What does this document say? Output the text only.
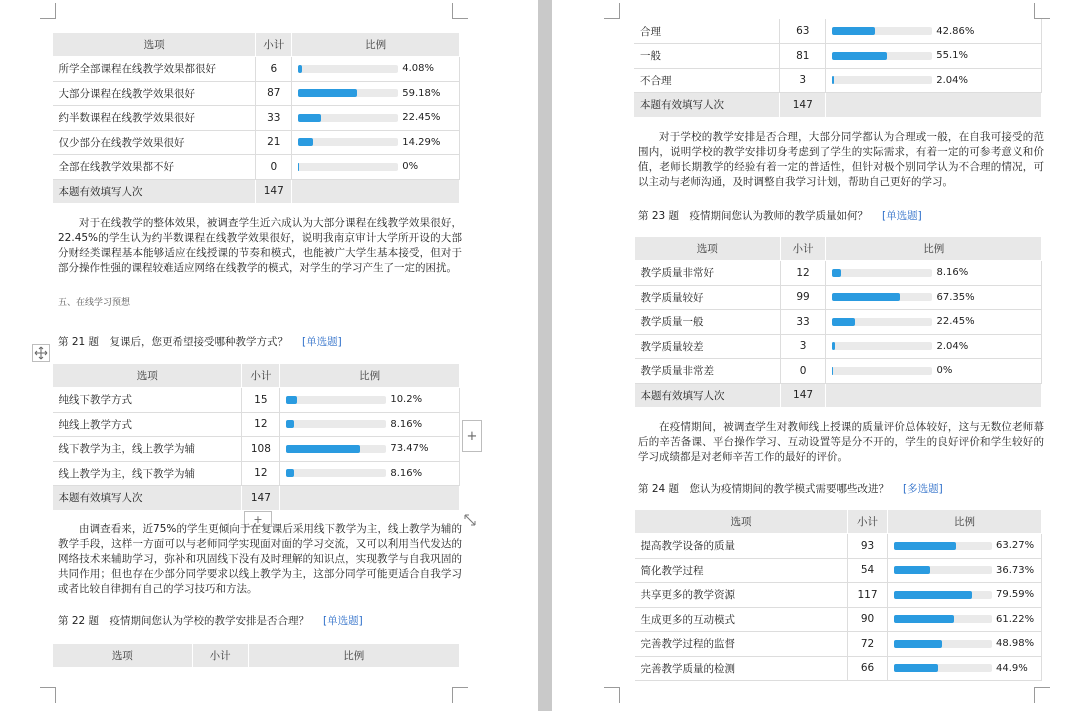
选项	小计	比例
所学全部课程在线教学效果都很好	6	4.08%

大部分课程在线教学效果很好	87	59.18%

约半数课程在线教学效果很好	33	22.45%

仅少部分在线教学效果很好	21	14.29%

全部在线教学效果都不好	0	0%

本题有效填写人次	147	
对于在线教学的整体效果，被调查学生近六成认为大部分课程在线教学效果很好，22.45%的学生认为约半数课程在线教学效果很好，说明我南京审计大学所开设的大部分财经类课程基本能够适应在线授课的节奏和模式，也能被广大学生基本接受，但对于部分操作性强的课程较难适应网络在线教学的模式，对学生的学习产生了一定的困扰。
五、在线学习预想
第 21 题　复课后，您更希望接受哪种教学方式？ [单选题]
选项	小计	比例
纯线下教学方式	15	10.2%

纯线上教学方式	12	8.16%

线下教学为主，线上教学为辅	108	73.47%

线上教学为主，线下教学为辅	12	8.16%

本题有效填写人次	147	
+
+
由调查看来，近75%的学生更倾向于在复课后采用线下教学为主，线上教学为辅的教学手段，这样一方面可以与老师同学实现面对面的学习交流，又可以利用当代发达的网络技术来辅助学习，弥补和巩固线下没有及时理解的知识点，实现教学与自我巩固的共同作用；但也存在少部分同学要求以线上教学为主，这部分同学可能更适合自我学习或者比较自律拥有自己的学习技巧和方法。
第 22 题　疫情期间您认为学校的教学安排是否合理？ [单选题]
选项	小计	比例
合理	63	42.86%

一般	81	55.1%

不合理	3	2.04%

本题有效填写人次	147	
对于学校的教学安排是否合理，大部分同学都认为合理或一般，在自我可接受的范围内，说明学校的教学安排切身考虑到了学生的实际需求，有着一定的可参考意义和价值，老师长期教学的经验有着一定的普适性，但针对极个别同学认为不合理的情况，可以主动与老师沟通，及时调整自我学习计划，帮助自己更好的学习。
第 23 题　疫情期间您认为教师的教学质量如何？ [单选题]
选项	小计	比例
教学质量非常好	12	8.16%

教学质量较好	99	67.35%

教学质量一般	33	22.45%

教学质量较差	3	2.04%

教学质量非常差	0	0%

本题有效填写人次	147	
在疫情期间，被调查学生对教师线上授课的质量评价总体较好，这与无数位老师幕后的辛苦备课、平台操作学习、互动设置等是分不开的，学生的良好评价和学生较好的学习成绩都是对老师辛苦工作的最好的评价。
第 24 题　您认为疫情期间的教学模式需要哪些改进？ [多选题]
选项	小计	比例
提高教学设备的质量	93	63.27%

简化教学过程	54	36.73%

共享更多的教学资源	117	79.59%

生成更多的互动模式	90	61.22%

完善教学过程的监督	72	48.98%

完善教学质量的检测	66	44.9%
